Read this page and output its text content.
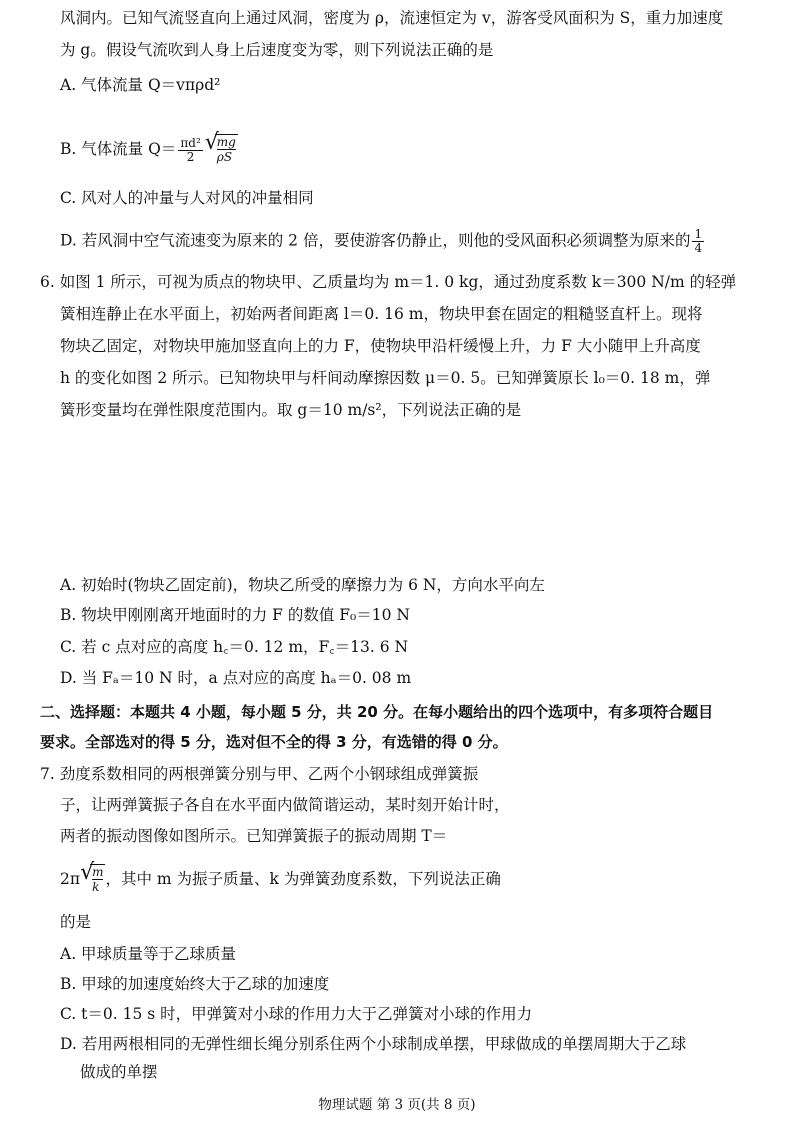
风洞内。已知气流竖直向上通过风洞，密度为 ρ，流速恒定为 v，游客受风面积为 S，重力加速度
为 g。假设气流吹到人身上后速度变为零，则下列说法正确的是
A. 气体流量 Q＝vπρd²
B. 气体流量 $Q= \frac{\text{πd²}}{2}$ √
$\frac{mg}{\rho S}$
C. 风对人的冲量与人对风的冲量相同
D. 若风洞中空气流速变为原来的 2 倍，要使游客仍静止，则他的受风面积必须调整为原来的 $\frac{1}{4}$
6. 如图 1 所示，可视为质点的物块甲、乙质量均为 m＝1. 0 kg，通过劲度系数 k＝300 N/m 的轻弹
簧相连静止在水平面上，初始两者间距离 l＝0. 16 m，物块甲套在固定的粗糙竖直杆上。现将
物块乙固定，对物块甲施加竖直向上的力 F，使物块甲沿杆缓慢上升，力 F 大小随甲上升高度
h 的变化如图 2 所示。已知物块甲与杆间动摩擦因数 μ＝0. 5。已知弹簧原长 l₀＝0. 18 m，弹
簧形变量均在弹性限度范围内。取 g＝10 m/s²，下列说法正确的是
A. 初始时(物块乙固定前)，物块乙所受的摩擦力为 6 N，方向水平向左
B. 物块甲刚刚离开地面时的力 F 的数值 F₀＝10 N
C. 若 c 点对应的高度 h꜀＝0. 12 m，F꜀＝13. 6 N
D. 当 Fₐ＝10 N 时，a 点对应的高度 hₐ＝0. 08 m
二、选择题：本题共 4 小题，每小题 5 分，共 20 分。在每小题给出的四个选项中，有多项符合题目
要求。全部选对的得 5 分，选对但不全的得 3 分，有选错的得 0 分。
7. 劲度系数相同的两根弹簧分别与甲、乙两个小钢球组成弹簧振
子，让两弹簧振子各自在水平面内做简谐运动，某时刻开始计时，
两者的振动图像如图所示。已知弹簧振子的振动周期 T＝
2π √
$\frac{m}{k}$ ，其中 m 为振子质量、k 为弹簧劲度系数，下列说法正确
的是
A. 甲球质量等于乙球质量
B. 甲球的加速度始终大于乙球的加速度
C. t＝0. 15 s 时，甲弹簧对小球的作用力大于乙弹簧对小球的作用力
D. 若用两根相同的无弹性细长绳分别系住两个小球制成单摆，甲球做成的单摆周期大于乙球
做成的单摆
物理试题 第 3 页(共 8 页)
